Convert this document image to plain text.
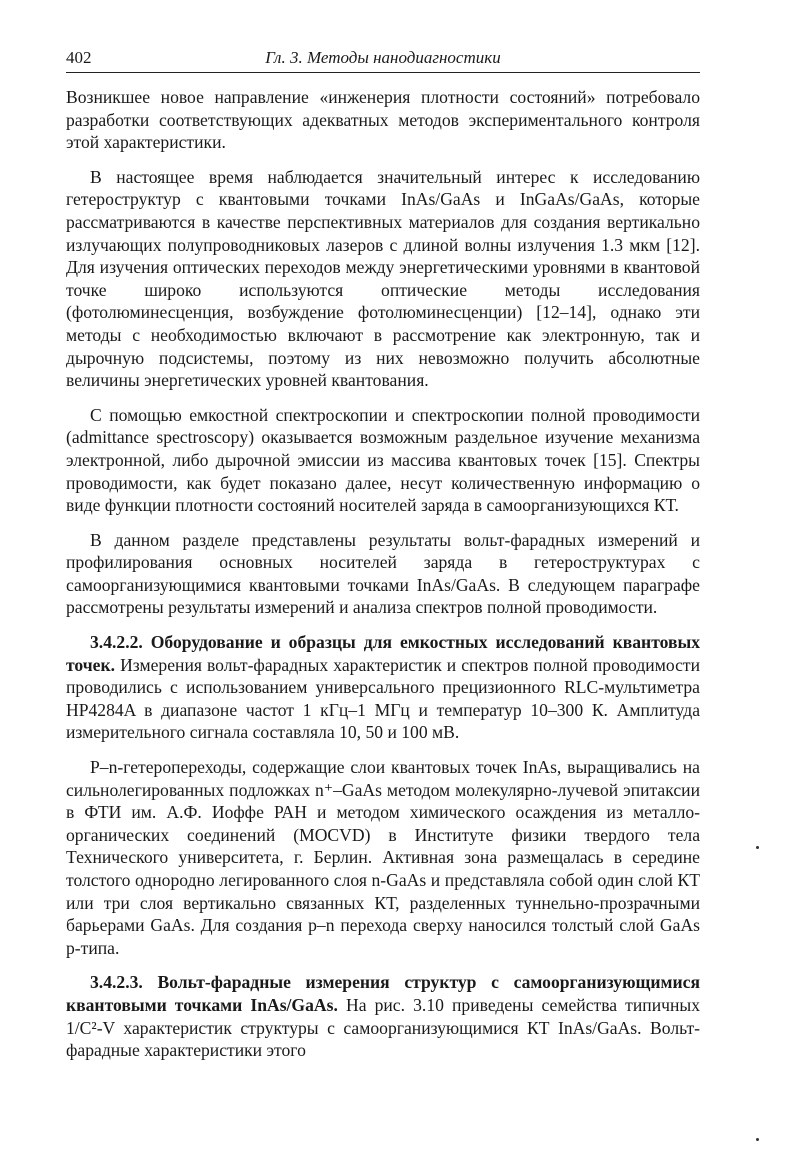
402	Гл. 3. Методы нанодиагностики

Возникшее новое направление «инженерия плотности состояний» потребовало разработки соответствующих адекватных методов экспериментального контроля этой характеристики.

В настоящее время наблюдается значительный интерес к исследованию гетероструктур с квантовыми точками InAs/GaAs и InGaAs/GaAs, которые рассматриваются в качестве перспективных материалов для создания вертикально излучающих полупроводниковых лазеров с длиной волны излучения 1.3 мкм [12]. Для изучения оптических переходов между энергетическими уровнями в квантовой точке широко используются оптические методы исследования (фотолюминесценция, возбуждение фотолюминесценции) [12–14], однако эти методы с необходимостью включают в рассмотрение как электронную, так и дырочную подсистемы, поэтому из них невозможно получить абсолютные величины энергетических уровней квантования.

С помощью емкостной спектроскопии и спектроскопии полной проводимости (admittance spectroscopy) оказывается возможным раздельное изучение механизма электронной, либо дырочной эмиссии из массива квантовых точек [15]. Спектры проводимости, как будет показано далее, несут количественную информацию о виде функции плотности состояний носителей заряда в самоорганизующихся КТ.

В данном разделе представлены результаты вольт-фарадных измерений и профилирования основных носителей заряда в гетероструктурах с самоорганизующимися квантовыми точками InAs/GaAs. В следующем параграфе рассмотрены результаты измерений и анализа спектров полной проводимости.

3.4.2.2. Оборудование и образцы для емкостных исследований квантовых точек. Измерения вольт-фарадных характеристик и спектров полной проводимости проводились с использованием универсального прецизионного RLC-мультиметра HP4284A в диапазоне частот 1 кГц–1 МГц и температур 10–300 К. Амплитуда измерительного сигнала составляла 10, 50 и 100 мВ.

P–n-гетеропереходы, содержащие слои квантовых точек InAs, выращивались на сильнолегированных подложках n⁺–GaAs методом молекулярно-лучевой эпитаксии в ФТИ им. А.Ф. Иоффе РАН и методом химического осаждения из металло-органических соединений (MOCVD) в Институте физики твердого тела Технического университета, г. Берлин. Активная зона размещалась в середине толстого однородно легированного слоя n-GaAs и представляла собой один слой КТ или три слоя вертикально связанных КТ, разделенных туннельно-прозрачными барьерами GaAs. Для создания p–n перехода сверху наносился толстый слой GaAs p-типа.

3.4.2.3. Вольт-фарадные измерения структур с самоорганизующимися квантовыми точками InAs/GaAs. На рис. 3.10 приведены семейства типичных 1/C²-V характеристик структуры с самоорганизующимися КТ InAs/GaAs. Вольт-фарадные характеристики этого
